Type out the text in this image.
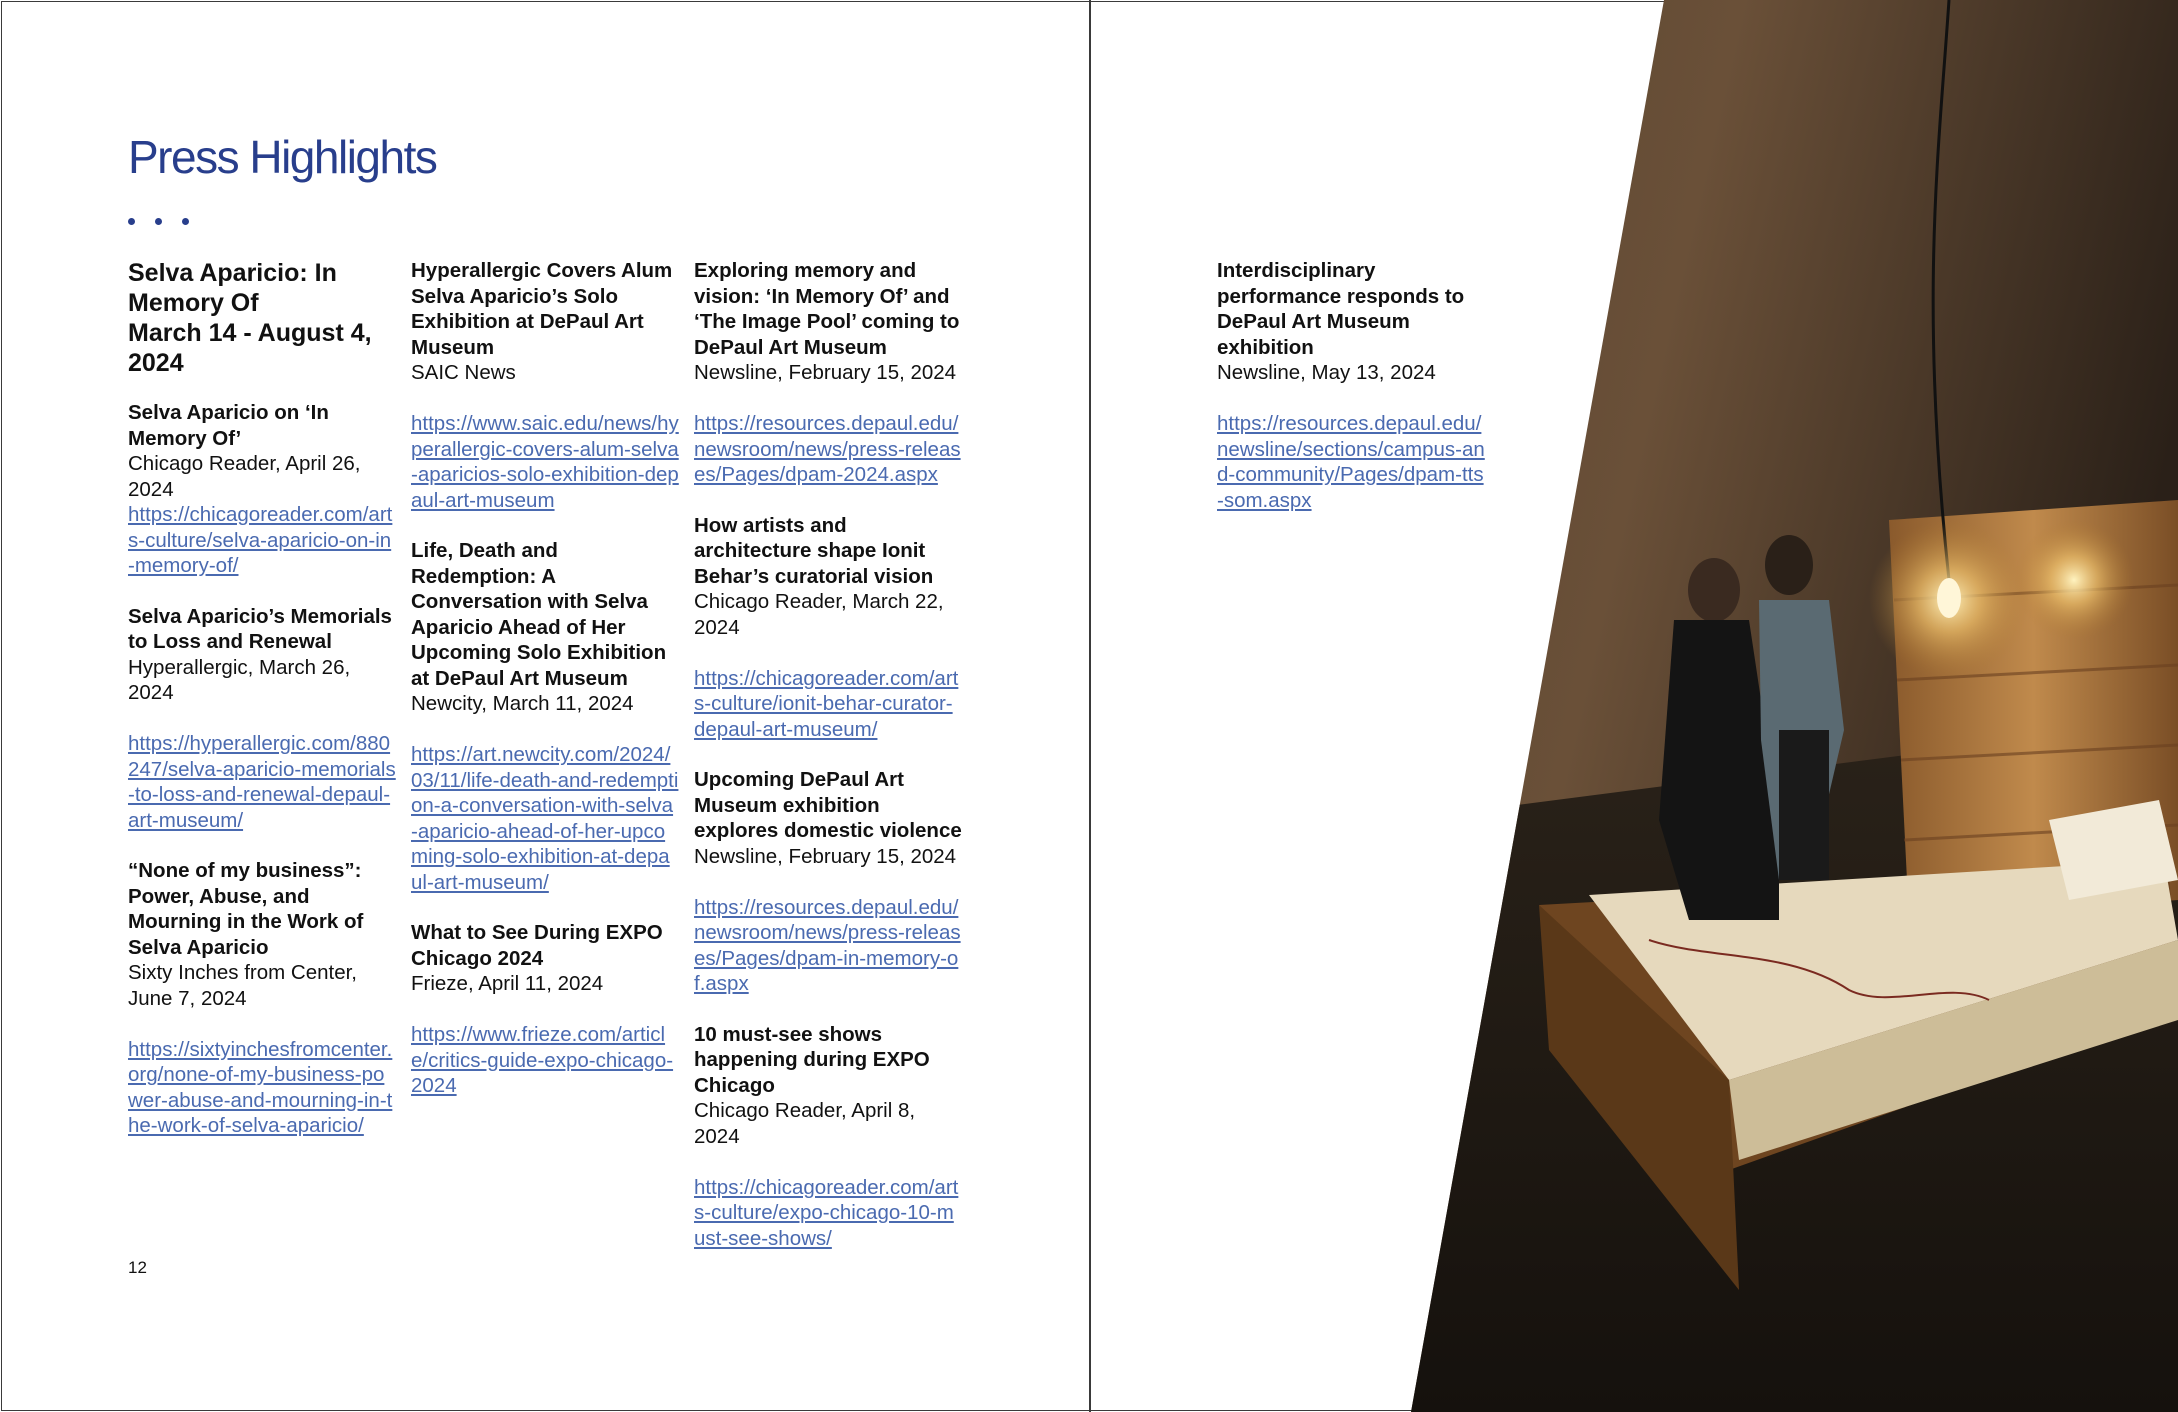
Press Highlights
Selva Aparicio: In Memory Of
March 14 - August 4, 2024
Selva Aparicio on ‘In Memory Of’
Chicago Reader, April 26, 2024
https://chicagoreader.com/arts-culture/selva-aparicio-on-in-memory-of/
Selva Aparicio’s Memorials to Loss and Renewal
Hyperallergic, March 26, 2024
https://hyperallergic.com/880247/selva-aparicio-memorials-to-loss-and-renewal-depaul-art-museum/
“None of my business”: Power, Abuse, and Mourning in the Work of Selva Aparicio
Sixty Inches from Center, June 7, 2024
https://sixtyinchesfromcenter.org/none-of-my-business-power-abuse-and-mourning-in-the-work-of-selva-aparicio/
Hyperallergic Covers Alum Selva Aparicio’s Solo Exhibition at DePaul Art Museum
SAIC News
https://www.saic.edu/news/hyperallergic-covers-alum-selva-aparicios-solo-exhibition-depaul-art-museum
Life, Death and Redemption: A Conversation with Selva Aparicio Ahead of Her Upcoming Solo Exhibition at DePaul Art Museum
Newcity, March 11, 2024
https://art.newcity.com/2024/03/11/life-death-and-redemption-a-conversation-with-selva-aparicio-ahead-of-her-upcoming-solo-exhibition-at-depaul-art-museum/
What to See During EXPO Chicago 2024
Frieze, April 11, 2024
https://www.frieze.com/article/critics-guide-expo-chicago-2024
Exploring memory and vision: ‘In Memory Of’ and ‘The Image Pool’ coming to DePaul Art Museum
Newsline, February 15, 2024
https://resources.depaul.edu/newsroom/news/press-releases/Pages/dpam-2024.aspx
How artists and architecture shape Ionit Behar’s curatorial vision
Chicago Reader, March 22, 2024
https://chicagoreader.com/arts-culture/ionit-behar-curator-depaul-art-museum/
Upcoming DePaul Art Museum exhibition explores domestic violence
Newsline, February 15, 2024
https://resources.depaul.edu/newsroom/news/press-releases/Pages/dpam-in-memory-of.aspx
10 must-see shows happening during EXPO Chicago
Chicago Reader, April 8, 2024
https://chicagoreader.com/arts-culture/expo-chicago-10-must-see-shows/
Interdisciplinary performance responds to DePaul Art Museum exhibition
Newsline, May 13, 2024
https://resources.depaul.edu/newsline/sections/campus-and-community/Pages/dpam-tts-som.aspx
12
